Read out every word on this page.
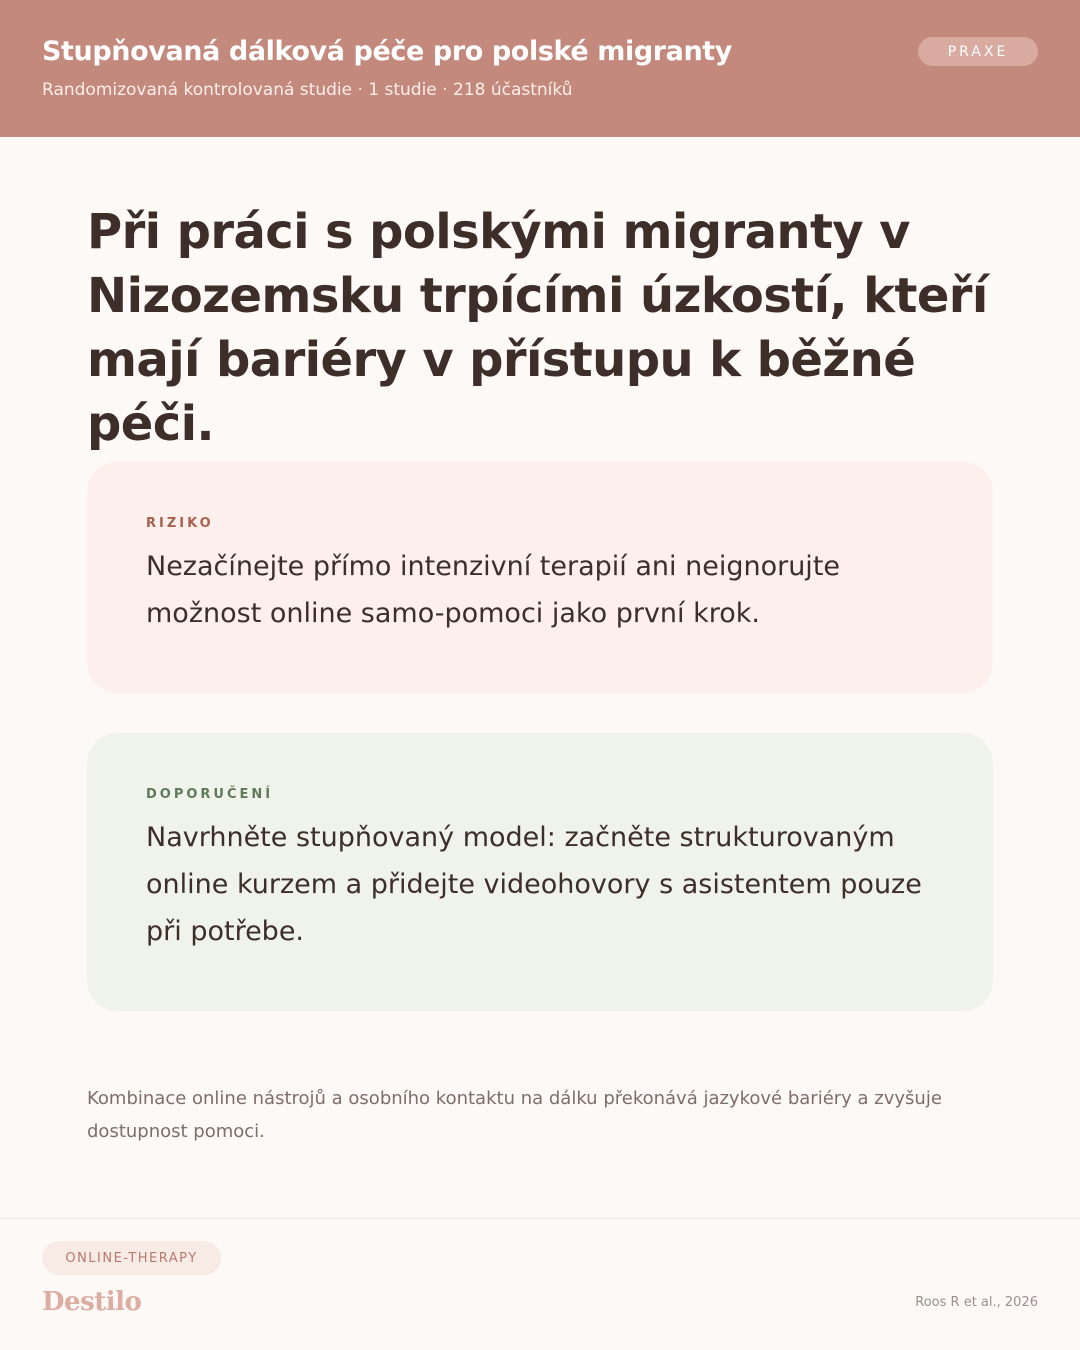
Stupňovaná dálková péče pro polské migranty
Randomizovaná kontrolovaná studie · 1 studie · 218 účastníků
PRAXE
Při práci s polskými migranty v Nizozemsku trpícími úzkostí, kteří mají bariéry v přístupu k běžné péči.
RIZIKO
Nezačínejte přímo intenzivní terapií ani neignorujte možnost online samo-pomoci jako první krok.
DOPORUČENÍ
Navrhněte stupňovaný model: začněte strukturovaným online kurzem a přidejte videohovory s asistentem pouze při potřebe.
Kombinace online nástrojů a osobního kontaktu na dálku překonává jazykové bariéry a zvyšuje dostupnost pomoci.
ONLINE-THERAPY
Destilo	Roos R et al., 2026
